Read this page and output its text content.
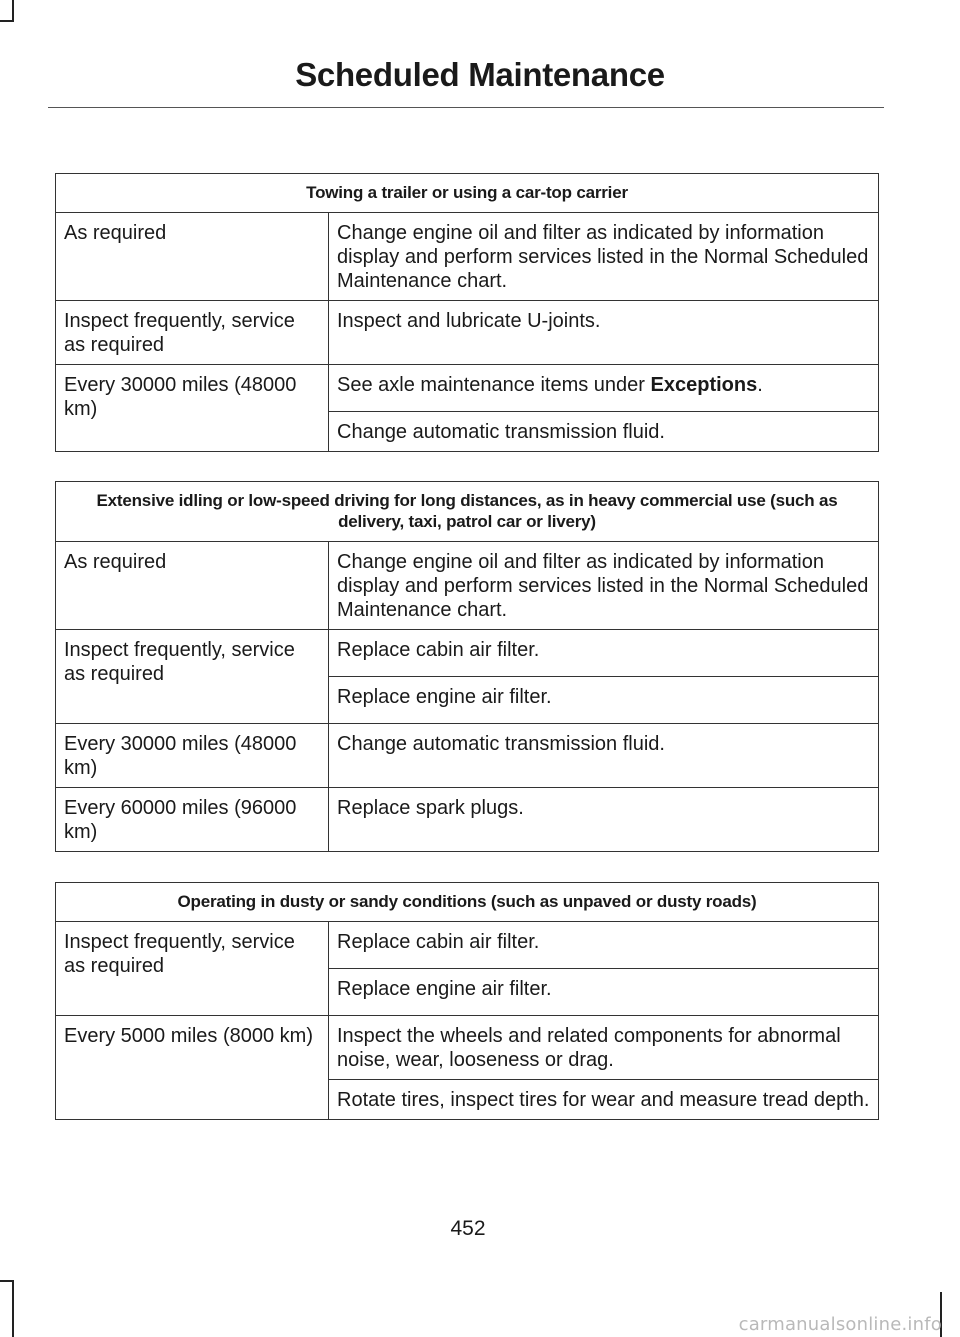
Scheduled Maintenance
Towing a trailer or using a car-top carrier	
As required	Change engine oil and filter as indicated by information display and perform services listed in the Normal Scheduled Maintenance chart.
Inspect frequently, service as required	Inspect and lubricate U-joints.
Every 30000 miles (48000 km)	See axle maintenance items under Exceptions.
	Change automatic transmission fluid.
Extensive idling or low-speed driving for long distances, as in heavy commercial use (such as delivery, taxi, patrol car or livery)	
As required	Change engine oil and filter as indicated by information display and perform services listed in the Normal Scheduled Maintenance chart.
Inspect frequently, service as required	Replace cabin air filter.
	Replace engine air filter.
Every 30000 miles (48000 km)	Change automatic transmission fluid.
Every 60000 miles (96000 km)	Replace spark plugs.
Operating in dusty or sandy conditions (such as unpaved or dusty roads)	
Inspect frequently, service as required	Replace cabin air filter.
	Replace engine air filter.
Every 5000 miles (8000 km)	Inspect the wheels and related components for abnormal noise, wear, looseness or drag.
	Rotate tires, inspect tires for wear and measure tread depth.
452
carmanualsonline.info
